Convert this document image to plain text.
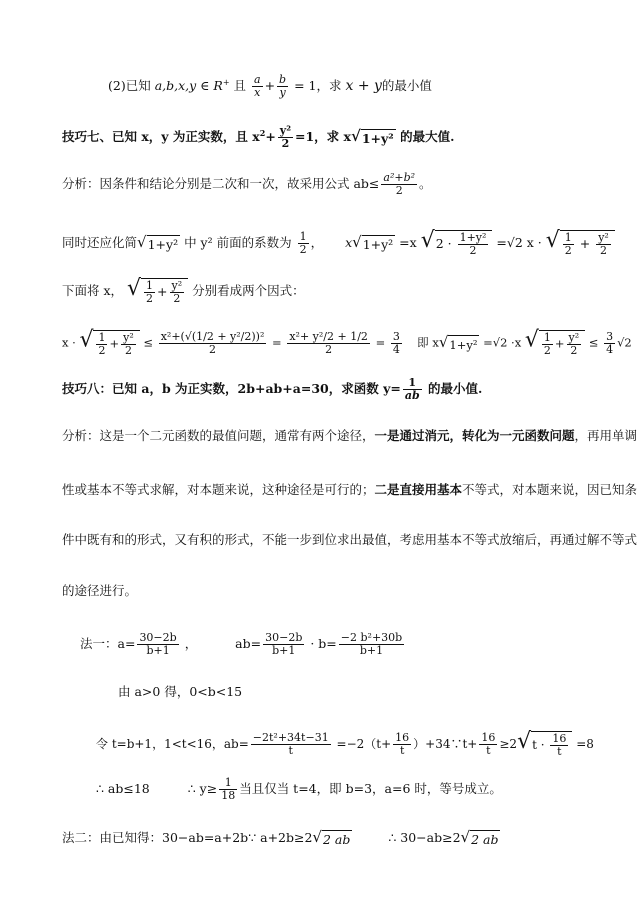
(2)已知 a,b,x,y ∈ R+ 且 $\frac{a}{x} + \frac{b}{y} = 1$，求 x + y的最小值
技巧七、已知 x，y 为正实数，且 $x^2+ \frac{\text{y²}}{2} =1$，求 x√1+y² 的最大值.
分析：因条件和结论分别是二次和一次，故采用公式 $ab\le \frac{\text{a²+b²}}{2}$ 。
同时还应化简√1+y² 中 y² 前面的系数为 $\frac{1}{2}$ ， x√1+y² =x $√2 \cdot \frac{\text{1+y²}}{2} =√2$ x · √ $\frac{1}{2} + \frac{\text{y²}}{2}$
下面将 x， √ $\frac{1}{2} + \frac{\text{y²}}{2}$ 分别看成两个因式：
x · √ $\frac{1}{2} + \frac{\text{y²}}{2} \le \frac{\text{x²+(√(1/2 + y²/2))²}}{2} = \frac{\text{x²+ y²/2 + 1/2}}{2} = \frac{3}{4}$ 即 x√1+y² =√2 ·x √ $\frac{1}{2} + \frac{\text{y²}}{2} \le \frac{3}{4} √2$
技巧八：已知 a，b 为正实数，2b+ab+a=30，求函数 $y= \frac{1}{ab}$ 的最小值.
分析：这是一个二元函数的最值问题，通常有两个途径，一是通过消元，转化为一元函数问题，再用单调
性或基本不等式求解，对本题来说，这种途径是可行的；二是直接用基本不等式，对本题来说，因已知条
件中既有和的形式，又有积的形式，不能一步到位求出最值，考虑用基本不等式放缩后，再通过解不等式
的途径进行。
法一：$a= \frac{30-2b}{b+1}$ ，	$ab= \frac{30-2b}{b+1} \cdot b= \frac{\text{−2 b²+30b}}{b+1}$
由 a>0 得，0<b<15
令 t=b+1，1<t<16，$ab= \frac{\text{−2t²+34t−31}}{t} =-2(t+ \frac{16}{t}$ ）+34∵t+ $\frac{16}{t} \ge 2√t \cdot \frac{16}{t} =8$
∴ ab≤18	∴ $y\ge \frac{1}{18}$ 当且仅当 t=4，即 b=3，a=6 时，等号成立。
法二：由已知得：30−ab=a+2b∵ a+2b≥2√2 ab	∴ 30−ab≥2√2 ab
